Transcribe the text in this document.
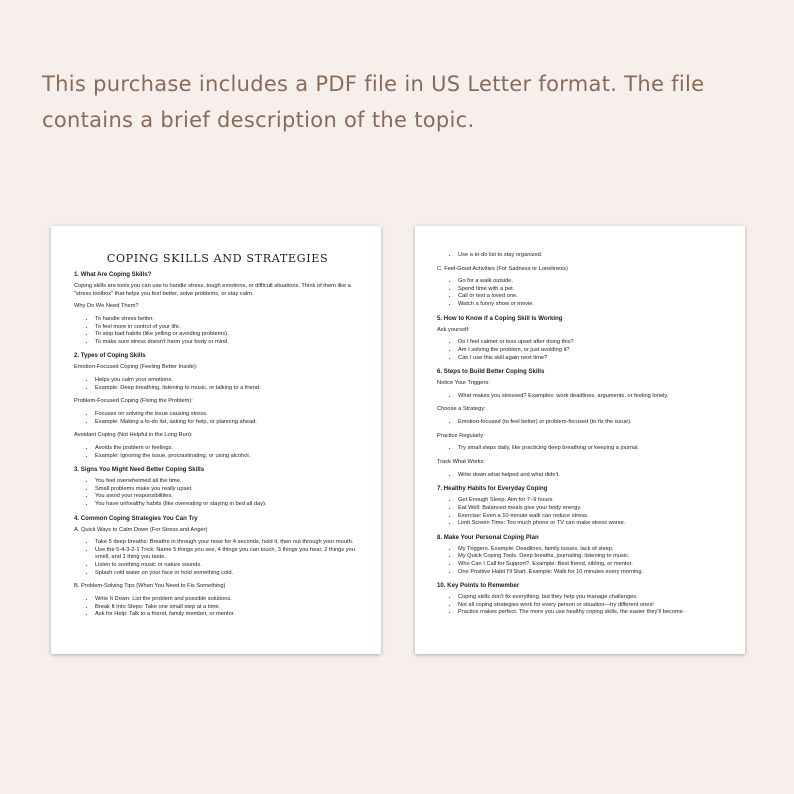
This purchase includes a PDF file in US Letter format. The file contains a brief description of the topic.
COPING SKILLS AND STRATEGIES
1. What Are Coping Skills?
Coping skills are tools you can use to handle stress, tough emotions, or difficult situations. Think of them like a "stress toolbox" that helps you feel better, solve problems, or stay calm.
Why Do We Need Them?
• To handle stress better.
• To feel more in control of your life.
• To stop bad habits (like yelling or avoiding problems).
• To make sure stress doesn't harm your body or mind.
2. Types of Coping Skills
Emotion-Focused Coping (Feeling Better Inside):
• Helps you calm your emotions.
• Example: Deep breathing, listening to music, or talking to a friend.
Problem-Focused Coping (Fixing the Problem):
• Focuses on solving the issue causing stress.
• Example: Making a to-do list, asking for help, or planning ahead.
Avoidant Coping (Not Helpful in the Long Run):
• Avoids the problem or feelings.
• Example: Ignoring the issue, procrastinating, or using alcohol.
3. Signs You Might Need Better Coping Skills
• You feel overwhelmed all the time.
• Small problems make you really upset.
• You avoid your responsibilities.
• You have unhealthy habits (like overeating or staying in bed all day).
4. Common Coping Strategies You Can Try
A. Quick Ways to Calm Down (For Stress and Anger)
• Take 5 deep breaths: Breathe in through your nose for 4 seconds, hold it, then out through your mouth.
• Use the 5-4-3-2-1 Trick: Name 5 things you see, 4 things you can touch, 3 things you hear, 2 things you smell, and 1 thing you taste.
• Listen to soothing music or nature sounds.
• Splash cold water on your face or hold something cold.
B. Problem-Solving Tips (When You Need to Fix Something)
• Write It Down: List the problem and possible solutions.
• Break It Into Steps: Take one small step at a time.
• Ask for Help: Talk to a friend, family member, or mentor.
• Use a to-do list to stay organized.
C. Feel-Good Activities (For Sadness or Loneliness)
• Go for a walk outside.
• Spend time with a pet.
• Call or text a loved one.
• Watch a funny show or movie.
5. How to Know if a Coping Skill Is Working
Ask yourself:
• Do I feel calmer or less upset after doing this?
• Am I solving the problem, or just avoiding it?
• Can I use this skill again next time?
6. Steps to Build Better Coping Skills
Notice Your Triggers:
• What makes you stressed? Examples: work deadlines, arguments, or feeling lonely.
Choose a Strategy:
• Emotion-focused (to feel better) or problem-focused (to fix the issue).
Practice Regularly:
• Try small steps daily, like practicing deep breathing or keeping a journal.
Track What Works:
• Write down what helped and what didn't.
7. Healthy Habits for Everyday Coping
• Get Enough Sleep: Aim for 7–9 hours.
• Eat Well: Balanced meals give your body energy.
• Exercise: Even a 10-minute walk can reduce stress.
• Limit Screen Time: Too much phone or TV can make stress worse.
8. Make Your Personal Coping Plan
• My Triggers. Example: Deadlines, family issues, lack of sleep.
• My Quick Coping Tools. Deep breaths, journaling, listening to music.
• Who Can I Call for Support?. Example: Best friend, sibling, or mentor.
• One Positive Habit I'll Start. Example: Walk for 10 minutes every morning.
10. Key Points to Remember
• Coping skills don't fix everything, but they help you manage challenges.
• Not all coping strategies work for every person or situation—try different ones!
• Practice makes perfect. The more you use healthy coping skills, the easier they'll become.
